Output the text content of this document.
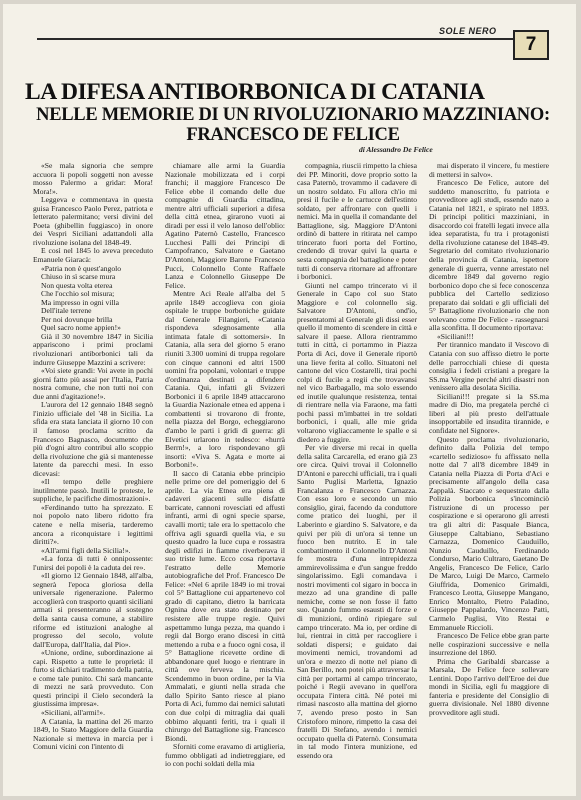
SOLE NERO
7
LA DIFESA ANTIBORBONICA DI CATANIA
NELLE MEMORIE DI UN RIVOLUZIONARIO MAZZINIANO:
FRANCESCO DE FELICE
di Alessandro De Felice

«Se mala signoria che sempre accuora li popoli soggetti non avesse mosso Palermo a gridar: Mora! Mora!».

Leggeva e commentava in questa guisa Francesco Paolo Perez, patriota e letterato palermitano; versi divini del Poeta (ghibellin fuggiasco) in onore dei Vespri Siciliani adattandoli alla rivoluzione isolana del 1848-49.

E così nel 1845 lo aveva preceduto Emanuele Giaracà:

«Patria non è quest'angolo
Chiuso in sì scarse mura
Non questa volta eterea
Che l'occhio sol misura;
Ma impresso in ogni villa
Dell'itale terrene
Per noi dovunque brilla
Quel sacro nome appien!»

Già il 30 novembre 1847 in Sicilia appariscono i primi proclami rivoluzionari antiborbonici tali da indurre Giuseppe Mazzini a scrivere:

«Voi siete grandi: Voi avete in pochi giorni fatto più assai per l'Italia, Patria nostra comune, che non tutti noi con due anni d'agitazione!».

L'aurora del 12 gennaio 1848 segnò l'inizio ufficiale del '48 in Sicilia. La sfida era stata lanciata il giorno 10 con il famoso proclama scritto da Francesco Bagnasco, documento che più d'ogni altro contribuì allo scoppio della rivoluzione che già si mantenesse latente da parecchi mesi. In esso dicevasi:

«Il tempo delle preghiere inutilmente passò. Inutili le proteste, le suppliche, le pacifiche dimostrazioni».

«Ferdinando tutto ha sprezzato. E noi popolo nato libero ridotto fra catene e nella miseria, tarderemo ancora a riconquistare i legittimi diritti?».

«All'armi figli della Sicilia!».

«La forza di tutti è onnipossente: l'unirsi dei popoli è la caduta dei re».

«Il giorno 12 Gennaio 1848, all'alba, segnerà l'epoca gloriosa della universale rigenerazione. Palermo accoglierà con trasporto quanti siciliani armati si presenteranno al sostegno della santa causa comune, a stabilire riforme ed istituzioni analoghe al progresso del secolo, volute dall'Europa, dall'Italia, dal Pio».

«Unione, ordine, subordinazione ai capi. Rispetto a tutte le proprietà: il furto si dichiari tradimento della patria, e come tale punito. Chi sarà mancante di mezzi ne sarà provveduto. Con questi principi il Cielo seconderà la giustissima impresa».

«Siciliani, all'armi!».

A Catania, la mattina del 26 marzo 1849, lo Stato Maggiore della Guardia Nazionale si metteva in marcia per i Comuni vicini con l'intento di

chiamare alle armi la Guardia Nazionale mobilizzata ed i corpi franchi; il maggiore Francesco De Felice ebbe il comando delle due compagnie di Guardia cittadina, mentre altri ufficiali superiori a difesa della città etnea, girarono vuoti ai diradi per essi il velo lanoso dell'oblio: Agatino Paternò Castello, Francesco Lucchesi Palli dei Principi di Campofranco, Salvatore e Gaetano D'Antoni, Maggiore Barone Francesco Pucci, Colonnello Conte Raffaele Lanza e Colonnello Giuseppe De Felice.

Mentre Aci Reale all'alba del 5 aprile 1849 accoglieva con gioia ospitale le truppe borboniche guidate dal Generale Filangieri, «Catania rispondeva sdegnosamente alla intimata fatale di sottomersi». In Catania, alla sera del giorno 5 erano riuniti 3.300 uomini di truppa regolare con cinque cannoni ed altri 1500 uomini fra popolani, volontari e truppe d'ordinanza destinati a difendere Catania. Qui, infatti gli Svizzeri Borbonici il 6 aprile 1849 attaccarono la Guardia Nazionale etnea ed appena i combattenti si trovarono di fronte, nella piazza del Borgo, echeggiarono d'ambo le parti i gridi di guerra: gli Elvetici urlarono in tedesco: «hurrà Berrn!», a loro rispondevano gli insorti: «Viva S. Agata e morte ai Borboni!».

Il sacco di Catania ebbe principio nelle prime ore del pomeriggio del 6 aprile. La via Etnea era piena di cadaveri giacenti sulle disfatte barricate, cannoni rovesciati ed affusti infranti, armi di ogni specie sparse, cavalli morti; tale era lo spettacolo che offriva agli sguardi quella via, e su questo quadro la luce cupa e rossastra degli edifizi in fiamme riverberava il suo triste lume. Ecco cosa riportava l'estratto delle Memorie autobiografiche del Prof. Francesco De Felice: «Nel 6 aprile 1849 io mi trovai col 5° Battaglione cui appartenevo col grado di capitano, dietro la barricata Ognina dove era stato destinato per resistere alle truppe regie. Quivi aspettammo lunga pezza, ma quando i regii dal Borgo erano discesi in città mettendo a ruba e a fuoco ogni cosa, il 5° Battaglione ricevette ordine di abbandonare quel luogo e rientrare in città ove ferveva la mischia. Scendemmo in buon ordine, per la Via Ammalati, e giunti nella strada che dallo Spirito Santo riesce al piano Porta di Aci, fummo dai nemici salutati con due colpi di mitraglia dai quali obbimo alquanti feriti, tra i quali il chirurgo del Battaglione sig. Francesco Biondi.

Sforniti come eravamo di artiglieria, fummo obbligati ad indietreggiare, ed io con pochi soldati della mia

compagnia, riuscii rimpetto la chiesa dei PP. Minoriti, dove proprio sotto la casa Paternò, trovammo il cadavere di un nostro soldato. Fu allora ch'io mi presi il fucile e le cartucce dell'estinto soldato, per affrontare con quelli i nemici. Ma in quella il comandante del Battaglione, sig. Maggiore D'Antoni ordinò di battere in ritirata nel campo trincerato fuori porta del Fortino, credendo di trovar quivi la quarta e sesta compagnia del battaglione e poter tutti di conserva ritornare ad affrontare i borbonici.

Giunti nel campo trincerato vi il Generale in Capo col suo Stato Maggiore e col colonnello sig. Salvatore D'Antoni, ond'io, presentatomi al Generale gli dissi esser quello il momento di scendere in città e salvare il paese. Allora rientrammo tutti in città, ci portammo in Piazza Porta di Aci, dove il Generale riportò una lieve ferita al collo. Situatoni nel cantone del vico Costarelli, tirai pochi colpi di fucile a regii che trovavansi nel vico Barbagallo, ma solo essendo ed inutile qualunque resistenza, tentai di rientrare nella via Faraone, ma fatti pochi passi m'imbattei in tre soldati borbonici, i quali, alle mie grida voltarono vigliaccamente le spalle e si diedero a fuggire.

Per vie diverse mi recai in quella della salita Carcarella, ed erano già 23 ore circa. Quivi trovai il Colonnello D'Antoni e parecchi ufficiali, tra i quali Santo Puglisi Marletta, Ignazio Francalanza e Francesco Carnazza. Con esso loro e secondo un mio consiglio, girai, facendo da conduttore come pratico dei luoghi, per il Laberinto e giardino S. Salvatore, e da quivi per più di un'ora si tenne un fuoco ben nutrito. E in tale combattimento il Colonnello D'Antoni fe mostra d'una intrepidezza ammirevolissima e d'un sangue freddo singolarissimo. Egli comandava i nostri movimenti col sigaro in bocca in mezzo ad una grandine di palle nemiche, come se non fosse il fatto suo. Quando fummo esausti di forze e di munizioni, ordinò ripiegare sul campo trincerato. Ma io, per ordine di lui, rientrai in città per raccogliere i soldati dispersi; e guidato dai movimenti nemici, trovandomi ad un'ora e mezzo di notte nel piano di San Berillo, non potei più attraversar la città per portarmi al campo trincerato, poiché i Regii avevano in quell'ora occupata l'intera città. Né potei mi rimasi nascosto alla mattina del giorno 7, avendo preso posto in San Cristoforo minore, rimpetto la casa dei fratelli Di Stefano, avendo i nemici occupato quella di Paternò. Consumata in tal modo l'intera munizione, ed essendo ora

mai disperato il vincere, fu mestiere di mettersi in salvo».

Francesco De Felice, autore del suddetto manoscritto, fu patriota e provveditore agli studi, essendo nato a Catania nel 1821, e spirato nel 1893. Di principi politici mazziniani, in disaccordo coi fratelli legati invece alla idea separatista, fu tra i protagonisti della rivoluzione catanese del 1848-49. Segretario del comitato rivoluzionario della provincia di Catania, ispettore generale di guerra, venne arrestato nel dicembre 1849 dal governo regio borbonico dopo che si fece conoscenza pubblica del Cartello sedizioso preparato dai soldati e gli ufficiali del 5° Battaglione rivoluzionario che non volevano come De Felice - rassegnarsi alla sconfitta. Il documento riportava:

«Siciliani!!!

Per tirannico mandato il Vescovo di Catania con suo affisso dietro le porte delle parrocchiali chiese di questa consiglia i fedeli cristiani a pregare la SS.ma Vergine perché altri disastri non venissero alla desolata Sicilia.

Siciliani!!! pregate si la SS.ma madre di Dio, ma pregatela perché ci liberi al più presto dell'attuale insopportabile ed insudita tirannide, e confidate nel Signore».

Questo proclama rivoluzionario, definito dalla Polizia del tempo «cartello sedizioso» fu affissato nella notte dal 7 all'8 dicembre 1849 in Catania nella Piazza di Porta d'Aci e precisamente all'angolo della casa Zappalà. Staccato e sequestrato dalla Polizia borbonica s'incominciò l'istruzione di un processo per cospirazione e si operarono gli arresti tra gli altri di: Pasquale Bianca, Giuseppe Caltabiano, Sebastiano Carnazza, Domenico Cauduillo, Nunzio Cauduillo, Ferdinando Condurso, Mario Cultraro, Gaetano De Angelis, Francesco De Felice, Carlo De Marco, Luigi De Marco, Carmelo Giuffrida, Domenico Grimaldi, Francesco Leotta, Giuseppe Mangano, Enrico Montalto, Pietro Paladino, Giuseppe Pappalardo, Vincenzo Patti, Carmelo Puglisi, Vito Restai e Emmanuele Riccioli.

Francesco De Felice ebbe gran parte nelle cospirazioni successive e nella insurrezione del 1860.

Prima che Garibaldi sbarcasse a Marsala, De Felice fece sollevare Lentini. Dopo l'arrivo dell'Eroe dei due mondi in Sicilia, egli fu maggiore di fanteria e presidente del Consiglio di guerra divisionale. Nel 1880 divenne provveditore agli studi.
